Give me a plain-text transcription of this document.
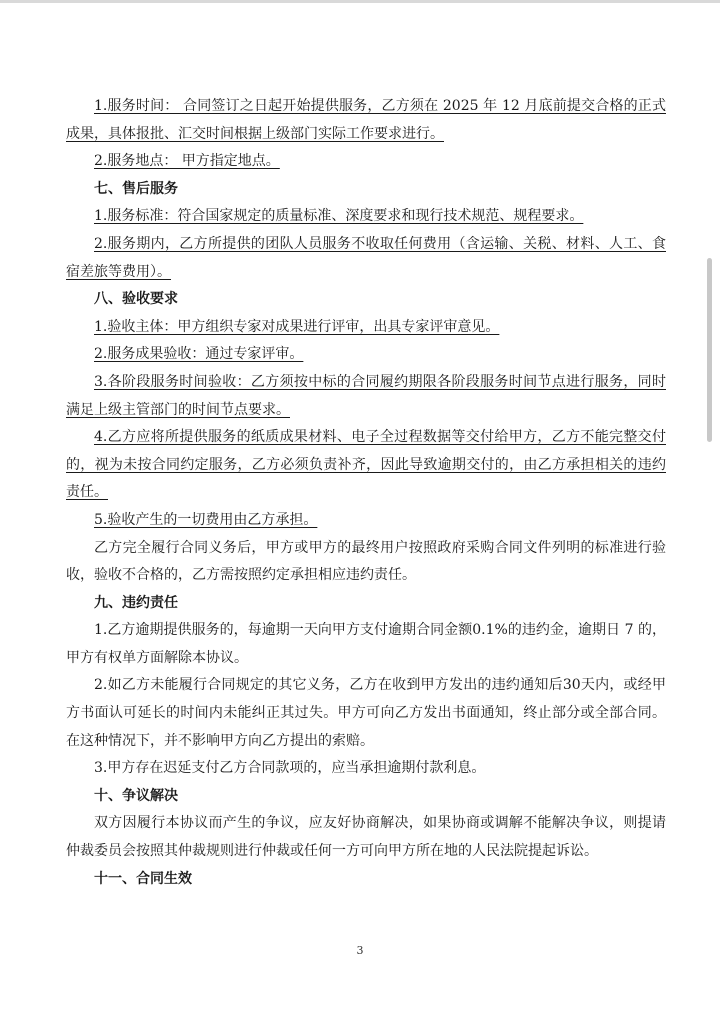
1.服务时间： 合同签订之日起开始提供服务，乙方须在 2025 年 12 月底前提交合格的正式成果，具体报批、汇交时间根据上级部门实际工作要求进行。

2.服务地点： 甲方指定地点。

七、售后服务

1.服务标准：符合国家规定的质量标准、深度要求和现行技术规范、规程要求。

2.服务期内，乙方所提供的团队人员服务不收取任何费用（含运输、关税、材料、人工、食宿差旅等费用）。

八、验收要求

1.验收主体：甲方组织专家对成果进行评审，出具专家评审意见。

2.服务成果验收：通过专家评审。

3.各阶段服务时间验收：乙方须按中标的合同履约期限各阶段服务时间节点进行服务，同时满足上级主管部门的时间节点要求。

4.乙方应将所提供服务的纸质成果材料、电子全过程数据等交付给甲方，乙方不能完整交付的，视为未按合同约定服务，乙方必须负责补齐，因此导致逾期交付的，由乙方承担相关的违约责任。

5.验收产生的一切费用由乙方承担。

乙方完全履行合同义务后，甲方或甲方的最终用户按照政府采购合同文件列明的标准进行验收，验收不合格的，乙方需按照约定承担相应违约责任。

九、违约责任

1.乙方逾期提供服务的，每逾期一天向甲方支付逾期合同金额0.1%的违约金，逾期日 7 的，甲方有权单方面解除本协议。

2.如乙方未能履行合同规定的其它义务，乙方在收到甲方发出的违约通知后30天内，或经甲方书面认可延长的时间内未能纠正其过失。甲方可向乙方发出书面通知，终止部分或全部合同。在这种情况下，并不影响甲方向乙方提出的索赔。

3.甲方存在迟延支付乙方合同款项的，应当承担逾期付款利息。

十、争议解决

双方因履行本协议而产生的争议，应友好协商解决，如果协商或调解不能解决争议，则提请仲裁委员会按照其仲裁规则进行仲裁或任何一方可向甲方所在地的人民法院提起诉讼。

十一、合同生效

3
